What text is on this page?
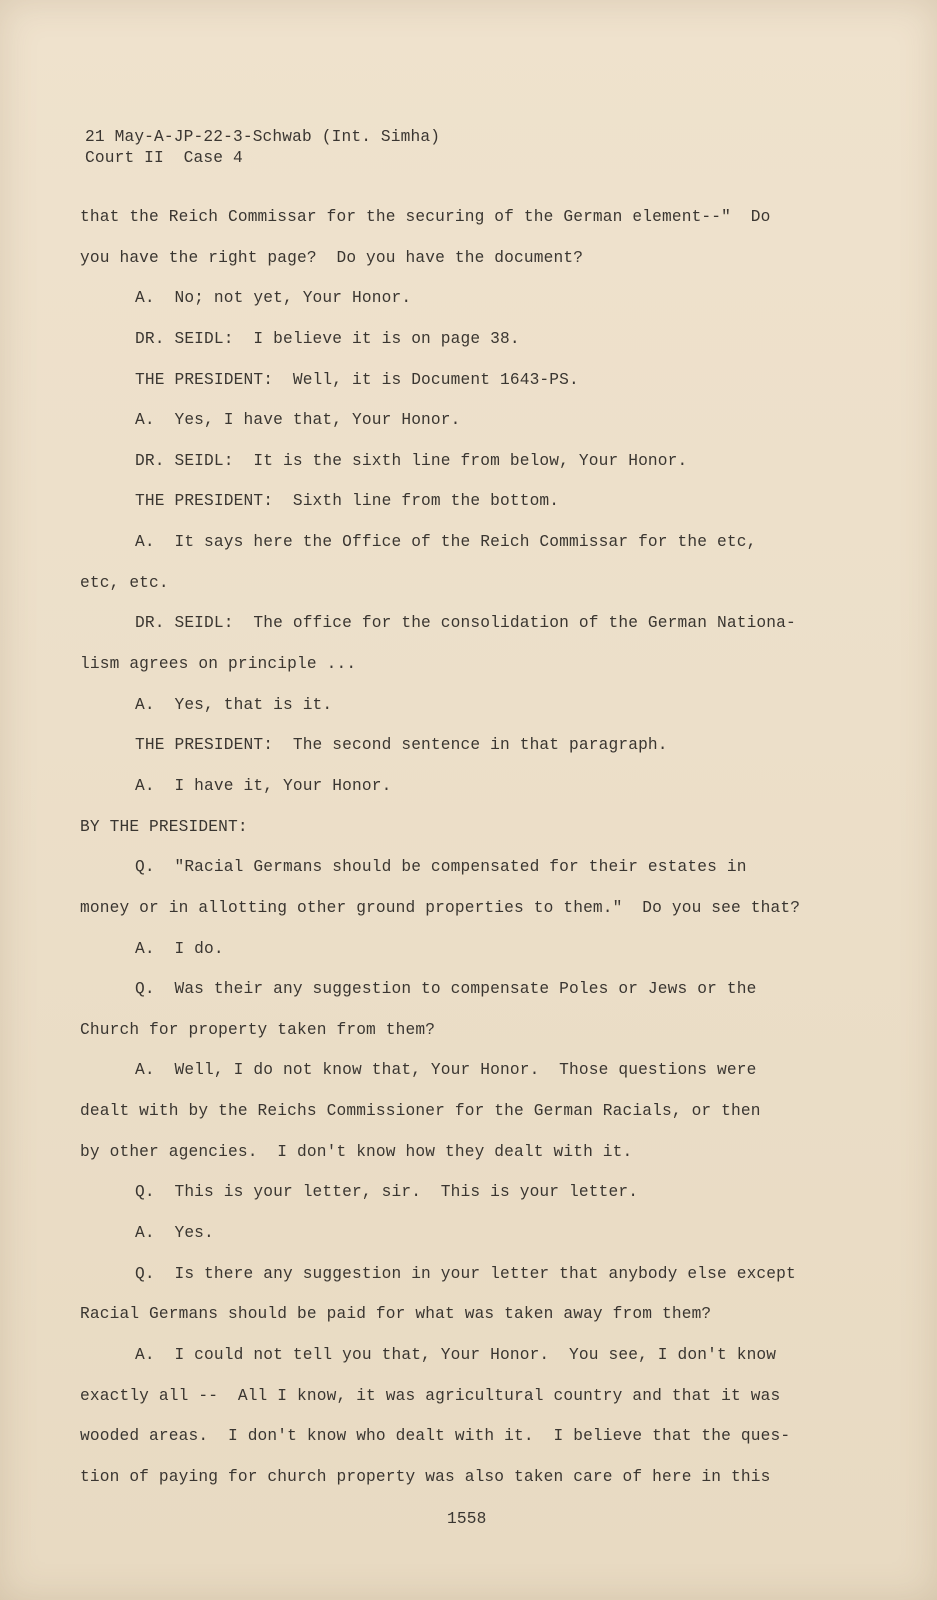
21 May-A-JP-22-3-Schwab (Int. Simha)
Court II  Case 4
that the Reich Commissar for the securing of the German element--"  Do
you have the right page?  Do you have the document?
A.  No; not yet, Your Honor.
DR. SEIDL:  I believe it is on page 38.
THE PRESIDENT:  Well, it is Document 1643-PS.
A.  Yes, I have that, Your Honor.
DR. SEIDL:  It is the sixth line from below, Your Honor.
THE PRESIDENT:  Sixth line from the bottom.
A.  It says here the Office of the Reich Commissar for the etc,
etc, etc.
DR. SEIDL:  The office for the consolidation of the German Nationa-
lism agrees on principle ...
A.  Yes, that is it.
THE PRESIDENT:  The second sentence in that paragraph.
A.  I have it, Your Honor.
BY THE PRESIDENT:
Q.  "Racial Germans should be compensated for their estates in
money or in allotting other ground properties to them."  Do you see that?
A.  I do.
Q.  Was their any suggestion to compensate Poles or Jews or the
Church for property taken from them?
A.  Well, I do not know that, Your Honor.  Those questions were
dealt with by the Reichs Commissioner for the German Racials, or then
by other agencies.  I don't know how they dealt with it.
Q.  This is your letter, sir.  This is your letter.
A.  Yes.
Q.  Is there any suggestion in your letter that anybody else except
Racial Germans should be paid for what was taken away from them?
A.  I could not tell you that, Your Honor.  You see, I don't know
exactly all --  All I know, it was agricultural country and that it was
wooded areas.  I don't know who dealt with it.  I believe that the ques-
tion of paying for church property was also taken care of here in this
1558
